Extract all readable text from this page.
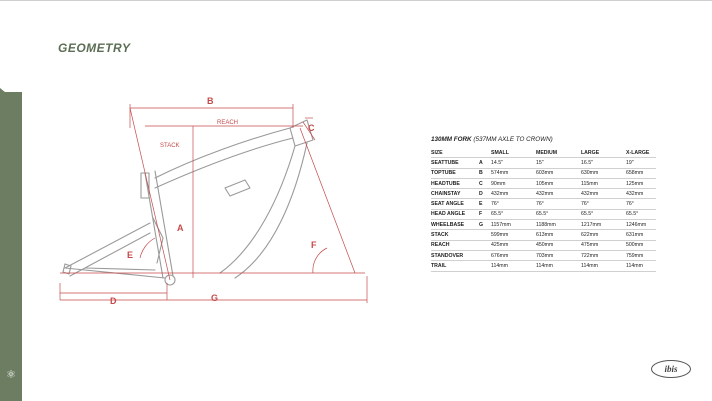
⚛
GEOMETRY
B
REACH
STACK
C
A
E
F
D	G
130MM FORK (537MM AXLE TO CROWN)
SIZE		SMALL	MEDIUM	LARGE	X-LARGE
SEATTUBE	A	14.5"	15"	16.5"	19"
TOPTUBE	B	574mm	603mm	630mm	658mm
HEADTUBE	C	90mm	105mm	115mm	125mm
CHAINSTAY	D	432mm	432mm	432mm	432mm
SEAT ANGLE	E	76°	76°	76°	76°
HEAD ANGLE	F	65.5°	65.5°	65.5°	65.5°
WHEELBASE	G	1157mm	1188mm	1217mm	1246mm
STACK		599mm	613mm	622mm	631mm
REACH		425mm	450mm	475mm	500mm
STANDOVER		676mm	703mm	722mm	759mm
TRAIL		114mm	114mm	114mm	114mm
ibis
